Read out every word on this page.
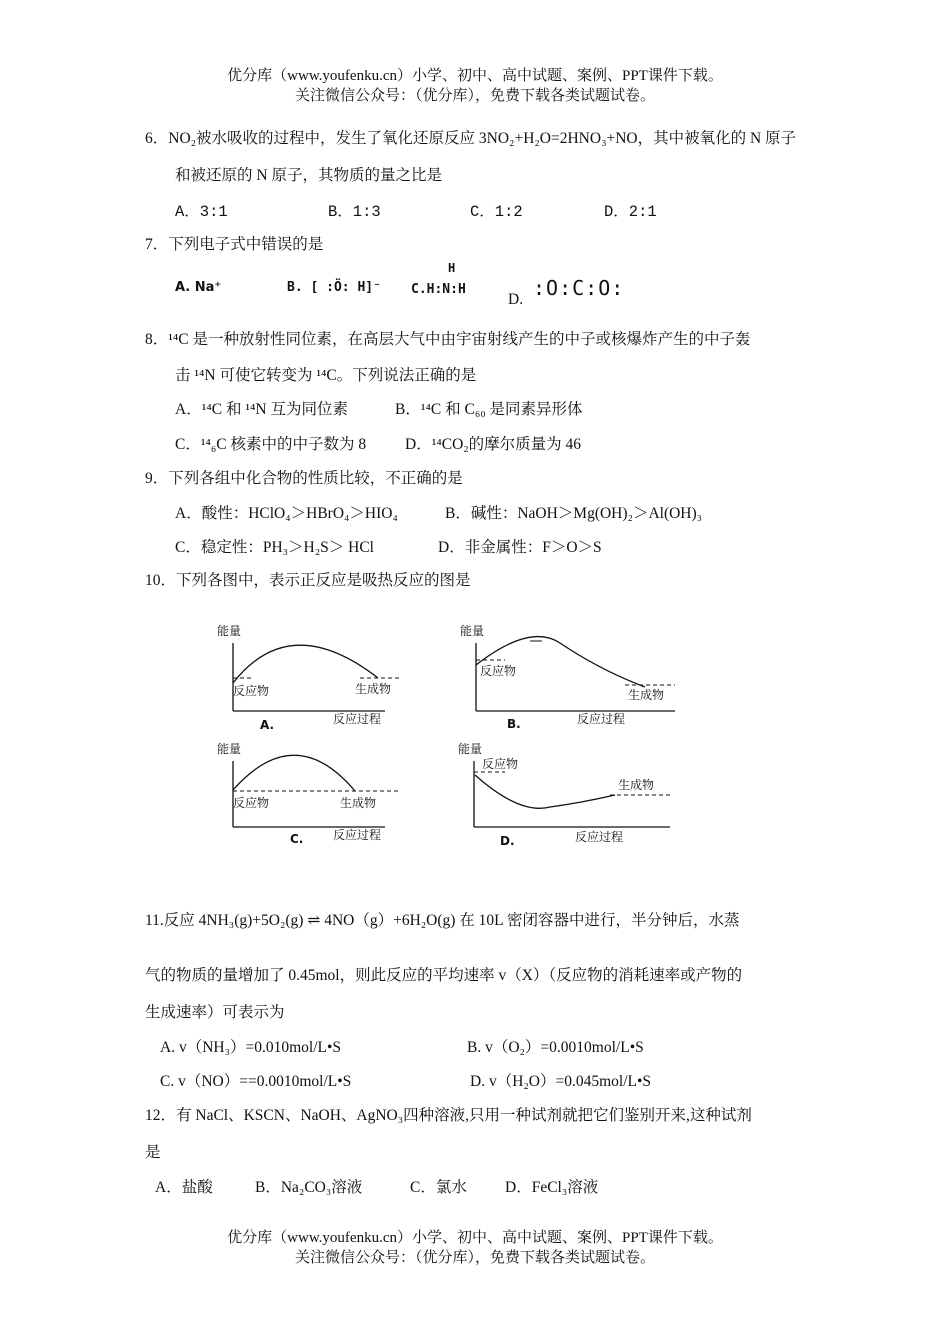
优分库（www.youfenku.cn）小学、初中、高中试题、案例、PPT课件下载。
关注微信公众号：（优分库），免费下载各类试题试卷。
6．NO₂被水吸收的过程中，发生了氧化还原反应 3NO₂+H₂O=2HNO₃+NO，其中被氧化的 N 原子
和被还原的 N 原子，其物质的量之比是
A．3:1	B．1:3	C．1:2	D．2:1
7．下列电子式中错误的是
A. Na⁺	B. [ :Ö: H]⁻
H
C.H:N:H
D. :O:C:O:
8．¹⁴C 是一种放射性同位素，在高层大气中由宇宙射线产生的中子或核爆炸产生的中子轰
击 ¹⁴N 可使它转变为 ¹⁴C。下列说法正确的是
A．¹⁴C 和 ¹⁴N 互为同位素	B．¹⁴C 和 C₆₀ 是同素异形体
C．¹⁴₆C 核素中的中子数为 8	D．¹⁴CO₂的摩尔质量为 46
9．下列各组中化合物的性质比较，不正确的是
A．酸性：HClO₄＞HBrO₄＞HIO₄	B．碱性：NaOH＞Mg(OH)₂＞Al(OH)₃
C．稳定性：PH₃＞H₂S＞ HCl	D．非金属性：F＞O＞S
10．下列各图中，表示正反应是吸热反应的图是
能量
反应物	生成物
A.	反应过程
能量
反应物
生成物
B.	反应过程
能量
反应物	生成物
C. 反应过程
能量
反应物
生成物
D.	反应过程
11.反应 4NH₃(g)+5O₂(g) ⇌ 4NO（g）+6H₂O(g) 在 10L 密闭容器中进行，半分钟后，水蒸
气的物质的量增加了 0.45mol，则此反应的平均速率 v（X）（反应物的消耗速率或产物的
生成速率）可表示为
A. v（NH₃）=0.010mol/L•S	B. v（O₂）=0.0010mol/L•S
C. v（NO）==0.0010mol/L•S	D. v（H₂O）=0.045mol/L•S
12．有 NaCl、KSCN、NaOH、AgNO₃四种溶液,只用一种试剂就把它们鉴别开来,这种试剂
是
A．盐酸	B．Na₂CO₃溶液	C．氯水 D．FeCl₃溶液
优分库（www.youfenku.cn）小学、初中、高中试题、案例、PPT课件下载。
关注微信公众号：（优分库），免费下载各类试题试卷。
